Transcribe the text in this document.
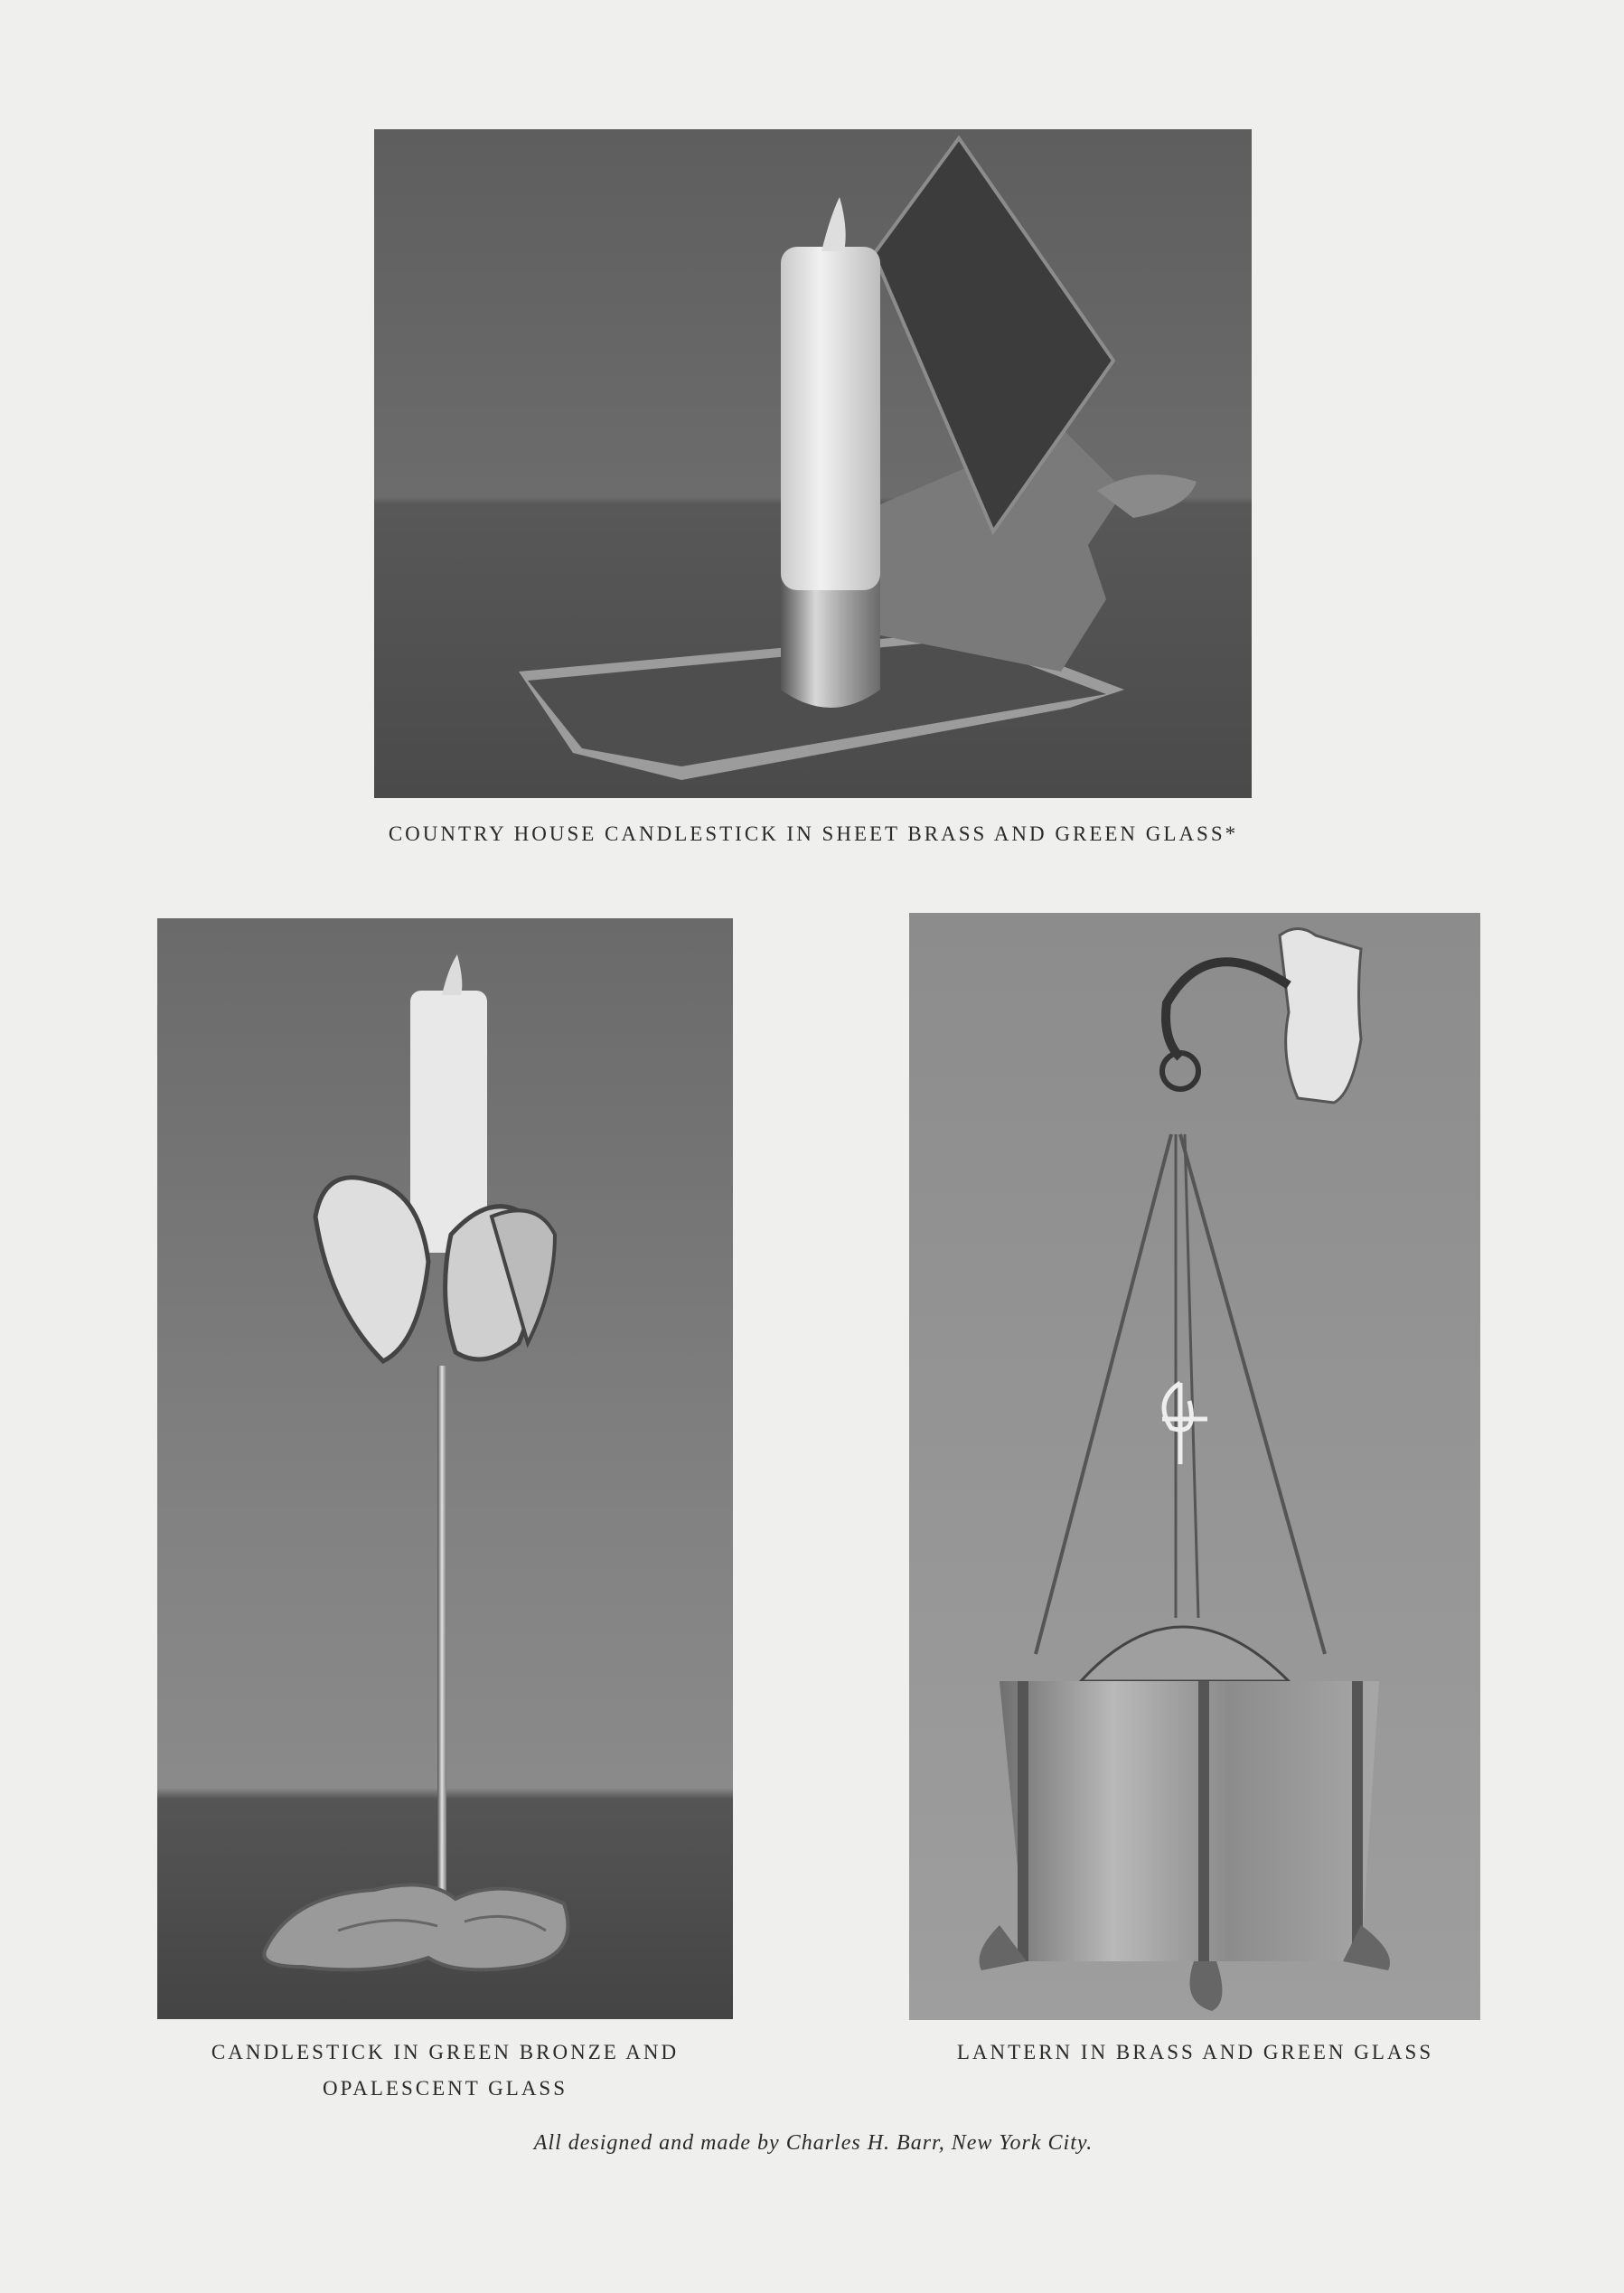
COUNTRY HOUSE CANDLESTICK IN SHEET BRASS AND GREEN GLASS*
CANDLESTICK IN GREEN BRONZE AND
OPALESCENT GLASS
LANTERN IN BRASS AND GREEN GLASS
All designed and made by Charles H. Barr, New York City.
